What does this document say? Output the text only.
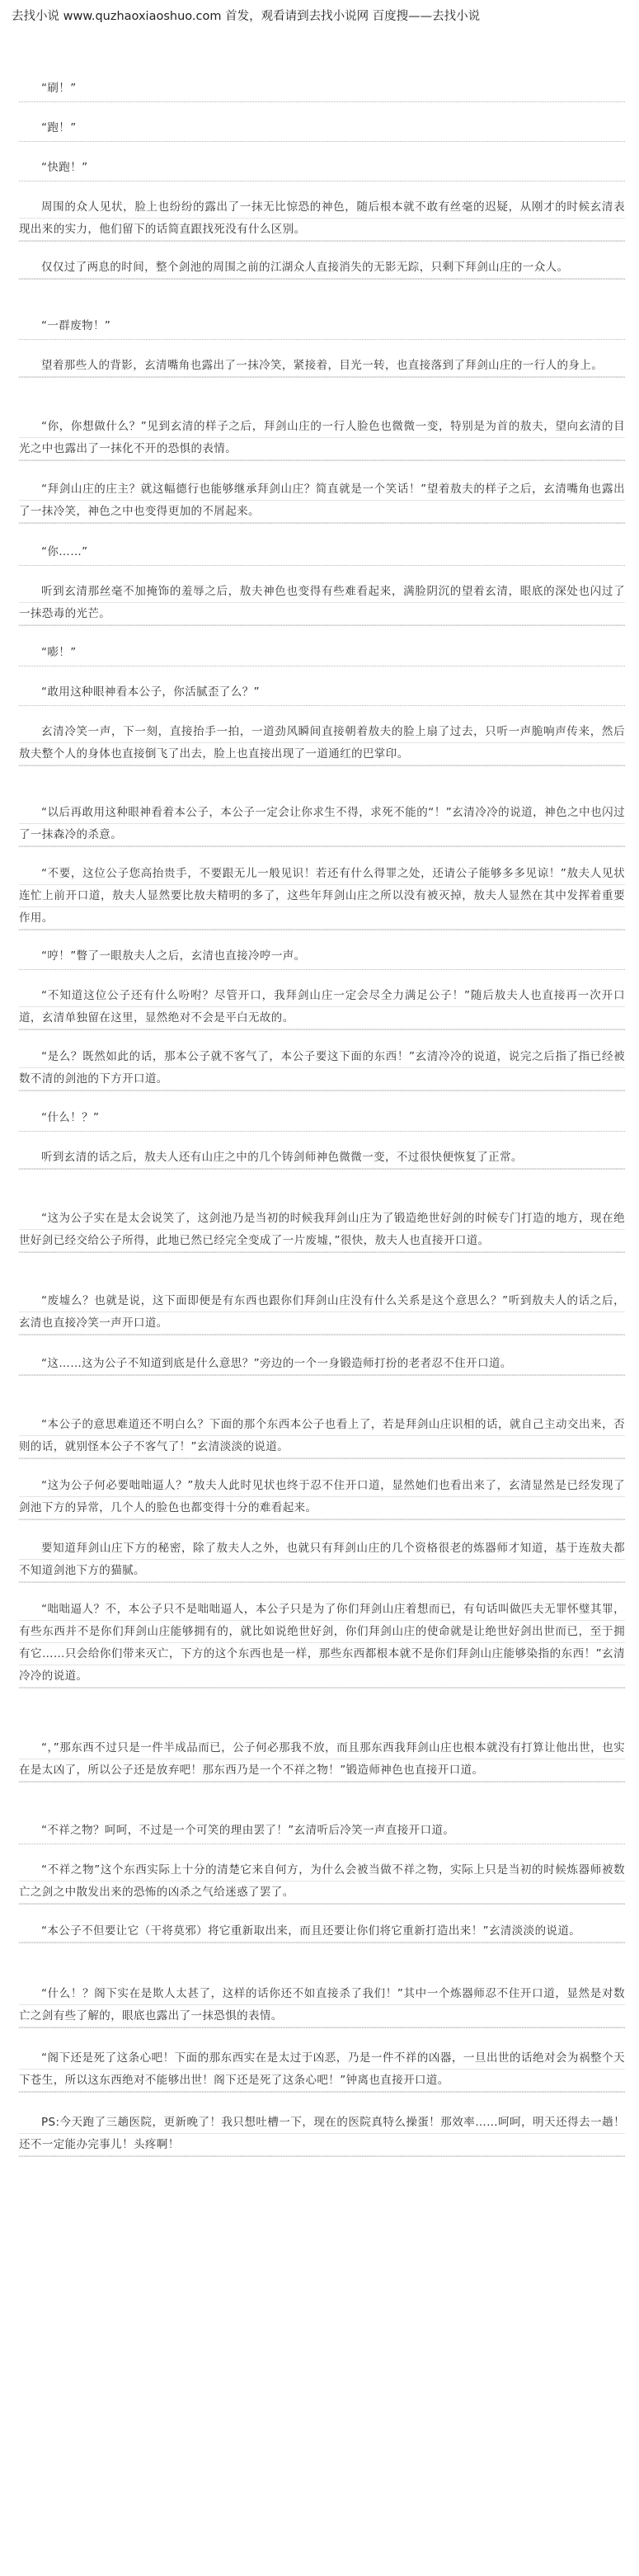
去找小说 www.quzhaoxiaoshuo.com 首发，观看请到去找小说网 百度搜——去找小说

“刷！”

“跑！”

“快跑！”

周围的众人见状，脸上也纷纷的露出了一抹无比惊恐的神色，随后根本就不敢有丝毫的迟疑，从刚才的时候玄清表现出来的实力，他们留下的话简直跟找死没有什么区别。

仅仅过了两息的时间，整个剑池的周围之前的江湖众人直接消失的无影无踪，只剩下拜剑山庄的一众人。

“一群废物！”

望着那些人的背影，玄清嘴角也露出了一抹冷笑，紧接着，目光一转，也直接落到了拜剑山庄的一行人的身上。

“你，你想做什么？”见到玄清的样子之后，拜剑山庄的一行人脸色也微微一变，特别是为首的敖夫，望向玄清的目光之中也露出了一抹化不开的恐惧的表情。

“拜剑山庄的庄主？就这幅德行也能够继承拜剑山庄？简直就是一个笑话！”望着敖夫的样子之后，玄清嘴角也露出了一抹冷笑，神色之中也变得更加的不屑起来。

“你……”

听到玄清那丝毫不加掩饰的羞辱之后，敖夫神色也变得有些难看起来，满脸阴沉的望着玄清，眼底的深处也闪过了一抹恐毒的光芒。

“嘭！”

“敢用这种眼神看本公子，你活腻歪了么？”

玄清冷笑一声，下一刻，直接抬手一拍，一道劲风瞬间直接朝着敖夫的脸上扇了过去，只听一声脆响声传来，然后敖夫整个人的身体也直接倒飞了出去，脸上也直接出现了一道通红的巴掌印。

“以后再敢用这种眼神看着本公子，本公子一定会让你求生不得，求死不能的“！”玄清冷冷的说道，神色之中也闪过了一抹森冷的杀意。

“不要，这位公子您高抬贵手，不要跟无儿一般见识！若还有什么得罪之处，还请公子能够多多见谅！”敖夫人见状连忙上前开口道，敖夫人显然要比敖夫精明的多了，这些年拜剑山庄之所以没有被灭掉，敖夫人显然在其中发挥着重要作用。

“哼！”瞥了一眼敖夫人之后，玄清也直接冷哼一声。

“不知道这位公子还有什么吩咐？尽管开口，我拜剑山庄一定会尽全力满足公子！”随后敖夫人也直接再一次开口道，玄清单独留在这里，显然绝对不会是平白无故的。

“是么？既然如此的话，那本公子就不客气了，本公子要这下面的东西！”玄清冷冷的说道，说完之后指了指已经被数不清的剑池的下方开口道。

“什么！？”

听到玄清的话之后，敖夫人还有山庄之中的几个铸剑师神色微微一变，不过很快便恢复了正常。

“这为公子实在是太会说笑了，这剑池乃是当初的时候我拜剑山庄为了锻造绝世好剑的时候专门打造的地方，现在绝世好剑已经交给公子所得，此地已然已经完全变成了一片废墟，”很快，敖夫人也直接开口道。

“废墟么？也就是说，这下面即便是有东西也跟你们拜剑山庄没有什么关系是这个意思么？”听到敖夫人的话之后，玄清也直接冷笑一声开口道。

“这……这为公子不知道到底是什么意思？”旁边的一个一身锻造师打扮的老者忍不住开口道。

“本公子的意思难道还不明白么？下面的那个东西本公子也看上了，若是拜剑山庄识相的话，就自己主动交出来，否则的话，就别怪本公子不客气了！”玄清淡淡的说道。

“这为公子何必要咄咄逼人？”敖夫人此时见状也终于忍不住开口道，显然她们也看出来了，玄清显然是已经发现了剑池下方的异常，几个人的脸色也都变得十分的难看起来。

要知道拜剑山庄下方的秘密，除了敖夫人之外，也就只有拜剑山庄的几个资格很老的炼器师才知道，基于连敖夫都不知道剑池下方的猫腻。

“咄咄逼人？不，本公子只不是咄咄逼人，本公子只是为了你们拜剑山庄着想而已，有句话叫做匹夫无罪怀璧其罪，有些东西并不是你们拜剑山庄能够拥有的，就比如说绝世好剑，你们拜剑山庄的使命就是让绝世好剑出世而已，至于拥有它……只会给你们带来灭亡，下方的这个东西也是一样，那些东西都根本就不是你们拜剑山庄能够染指的东西！”玄清冷冷的说道。

“，”那东西不过只是一件半成品而已，公子何必那我不放，而且那东西我拜剑山庄也根本就没有打算让他出世，也实在是太凶了，所以公子还是放弃吧！那东西乃是一个不祥之物！”锻造师神色也直接开口道。

“不祥之物？呵呵，不过是一个可笑的理由罢了！”玄清听后冷笑一声直接开口道。

“不祥之物”这个东西实际上十分的清楚它来自何方，为什么会被当做不祥之物，实际上只是当初的时候炼器师被数亡之剑之中散发出来的恐怖的凶杀之气给迷惑了罢了。

“本公子不但要让它（干将莫邪）将它重新取出来，而且还要让你们将它重新打造出来！”玄清淡淡的说道。

“什么！？阁下实在是欺人太甚了，这样的话你还不如直接杀了我们！”其中一个炼器师忍不住开口道，显然是对数亡之剑有些了解的，眼底也露出了一抹恐惧的表情。

“阁下还是死了这条心吧！下面的那东西实在是太过于凶恶，乃是一件不祥的凶器，一旦出世的话绝对会为祸整个天下苍生，所以这东西绝对不能够出世！阁下还是死了这条心吧！”钟离也直接开口道。

PS:今天跑了三趟医院，更新晚了！我只想吐槽一下，现在的医院真特么操蛋！那效率……呵呵，明天还得去一趟！还不一定能办完事儿！头疼啊！
